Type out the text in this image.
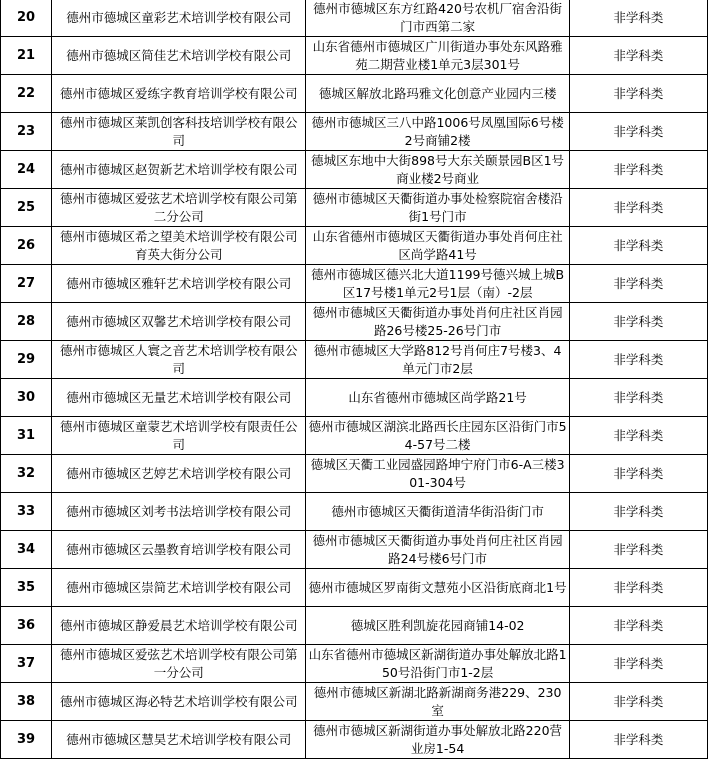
20	德州市德城区童彩艺术培训学校有限公司	德州市德城区东方红路420号农机厂宿舍沿街门市西第二家	非学科类
21	德州市德城区简佳艺术培训学校有限公司	山东省德州市德城区广川街道办事处东风路雅苑二期营业楼1单元3层301号	非学科类
22	德州市德城区爱练字教育培训学校有限公司	德城区解放北路玛雅文化创意产业园内三楼	非学科类
23	德州市德城区莱凯创客科技培训学校有限公司	德州市德城区三八中路1006号凤凰国际6号楼2号商铺2楼	非学科类
24	德州市德城区赵贺新艺术培训学校有限公司	德城区东地中大街898号大东关颐景园B区1号商业楼2号商业	非学科类
25	德州市德城区爱弦艺术培训学校有限公司第二分公司	德州市德城区天衢街道办事处检察院宿舍楼沿街1号门市	非学科类
26	德州市德城区希之望美术培训学校有限公司育英大街分公司	山东省德州市德城区天衢街道办事处肖何庄社区尚学路41号	非学科类
27	德州市德城区雅轩艺术培训学校有限公司	德州市德城区德兴北大道1199号德兴城上城B区17号楼1单元2号1层（南）-2层	非学科类
28	德州市德城区双馨艺术培训学校有限公司	德州市德城区天衢街道办事处肖何庄社区肖园路26号楼25-26号门市	非学科类
29	德州市德城区人寰之音艺术培训学校有限公司	德州市德城区大学路812号肖何庄7号楼3、4单元门市2层	非学科类
30	德州市德城区无量艺术培训学校有限公司	山东省德州市德城区尚学路21号	非学科类
31	德州市德城区童蒙艺术培训学校有限责任公司	德州市德城区湖滨北路西长庄园东区沿街门市54-57号二楼	非学科类
32	德州市德城区艺婷艺术培训学校有限公司	德城区天衢工业园盛园路坤宁府门市6-A三楼301-304号	非学科类
33	德州市德城区刘考书法培训学校有限公司	德州市德城区天衢街道清华街沿街门市	非学科类
34	德州市德城区云墨教育培训学校有限公司	德州市德城区天衢街道办事处肖何庄社区肖园路24号楼6号门市	非学科类
35	德州市德城区崇简艺术培训学校有限公司	德州市德城区罗南街文慧苑小区沿街底商北1号	非学科类
36	德州市德城区静爱晨艺术培训学校有限公司	德城区胜利凯旋花园商铺14-02	非学科类
37	德州市德城区爱弦艺术培训学校有限公司第一分公司	山东省德州市德城区新湖街道办事处解放北路150号沿街门市1-2层	非学科类
38	德州市德城区海必特艺术培训学校有限公司	德州市德城区新湖北路新湖商务港229、230室	非学科类
39	德州市德城区慧昊艺术培训学校有限公司	德州市德城区新湖街道办事处解放北路220营业房1-54	非学科类
